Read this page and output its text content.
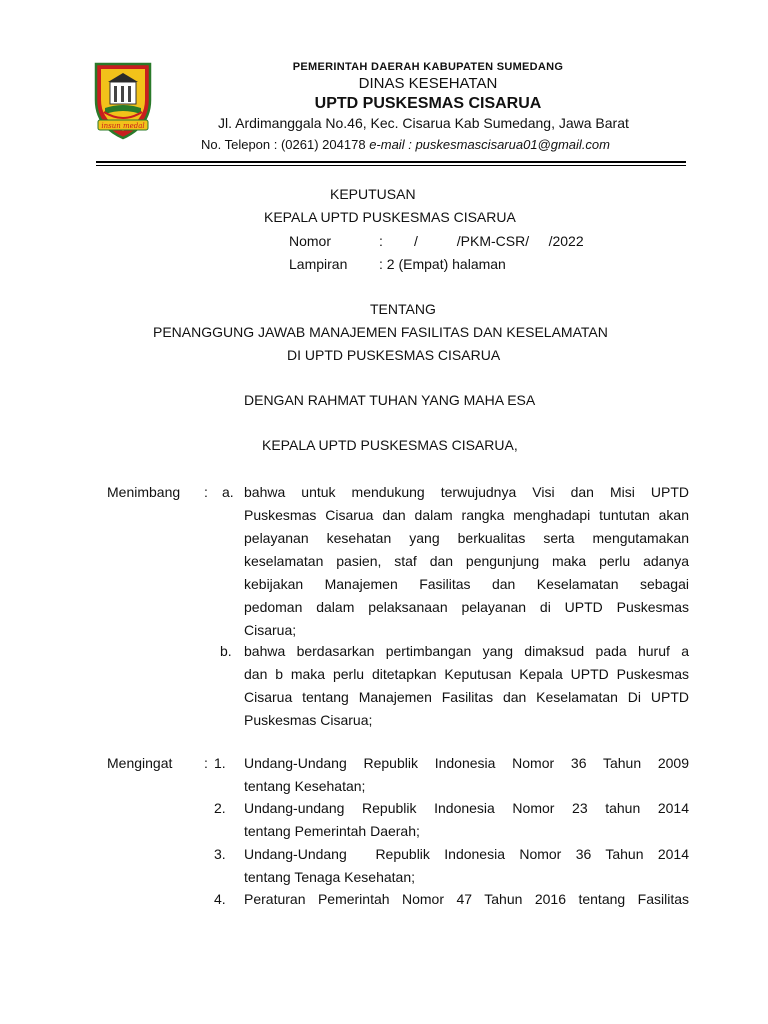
insun medal
PEMERINTAH DAERAH KABUPATEN SUMEDANG
DINAS KESEHATAN
UPTD PUSKESMAS CISARUA
Jl. Ardimanggala No.46, Kec. Cisarua Kab Sumedang, Jawa Barat
No. Telepon : (0261) 204178 e-mail : puskesmascisarua01@gmail.com
KEPUTUSAN
KEPALA UPTD PUSKESMAS CISARUA
Nomor	: /          /PKM-CSR/     /2022
Lampiran : 2 (Empat) halaman
TENTANG
PENANGGUNG JAWAB MANAJEMEN FASILITAS DAN KESELAMATAN
DI UPTD PUSKESMAS CISARUA
DENGAN RAHMAT TUHAN YANG MAHA ESA
KEPALA UPTD PUSKESMAS CISARUA,
Menimbang : a. bahwa untuk mendukung terwujudnya Visi dan Misi UPTD
Puskesmas Cisarua dan dalam rangka menghadapi tuntutan akan
pelayanan kesehatan yang berkualitas serta mengutamakan
keselamatan pasien, staf dan pengunjung maka perlu adanya
kebijakan Manajemen Fasilitas dan Keselamatan sebagai
pedoman dalam pelaksanaan pelayanan di UPTD Puskesmas
Cisarua;
b. bahwa berdasarkan pertimbangan yang dimaksud pada huruf a
dan b maka perlu ditetapkan Keputusan Kepala UPTD Puskesmas
Cisarua tentang Manajemen Fasilitas dan Keselamatan Di UPTD
Puskesmas Cisarua;
Mengingat : 1. Undang-Undang Republik Indonesia Nomor 36 Tahun 2009
tentang Kesehatan;
2. Undang-undang Republik Indonesia Nomor 23 tahun 2014
tentang Pemerintah Daerah;
3. Undang-Undang  Republik Indonesia Nomor 36 Tahun 2014
tentang Tenaga Kesehatan;
4. Peraturan Pemerintah Nomor 47 Tahun 2016 tentang Fasilitas
